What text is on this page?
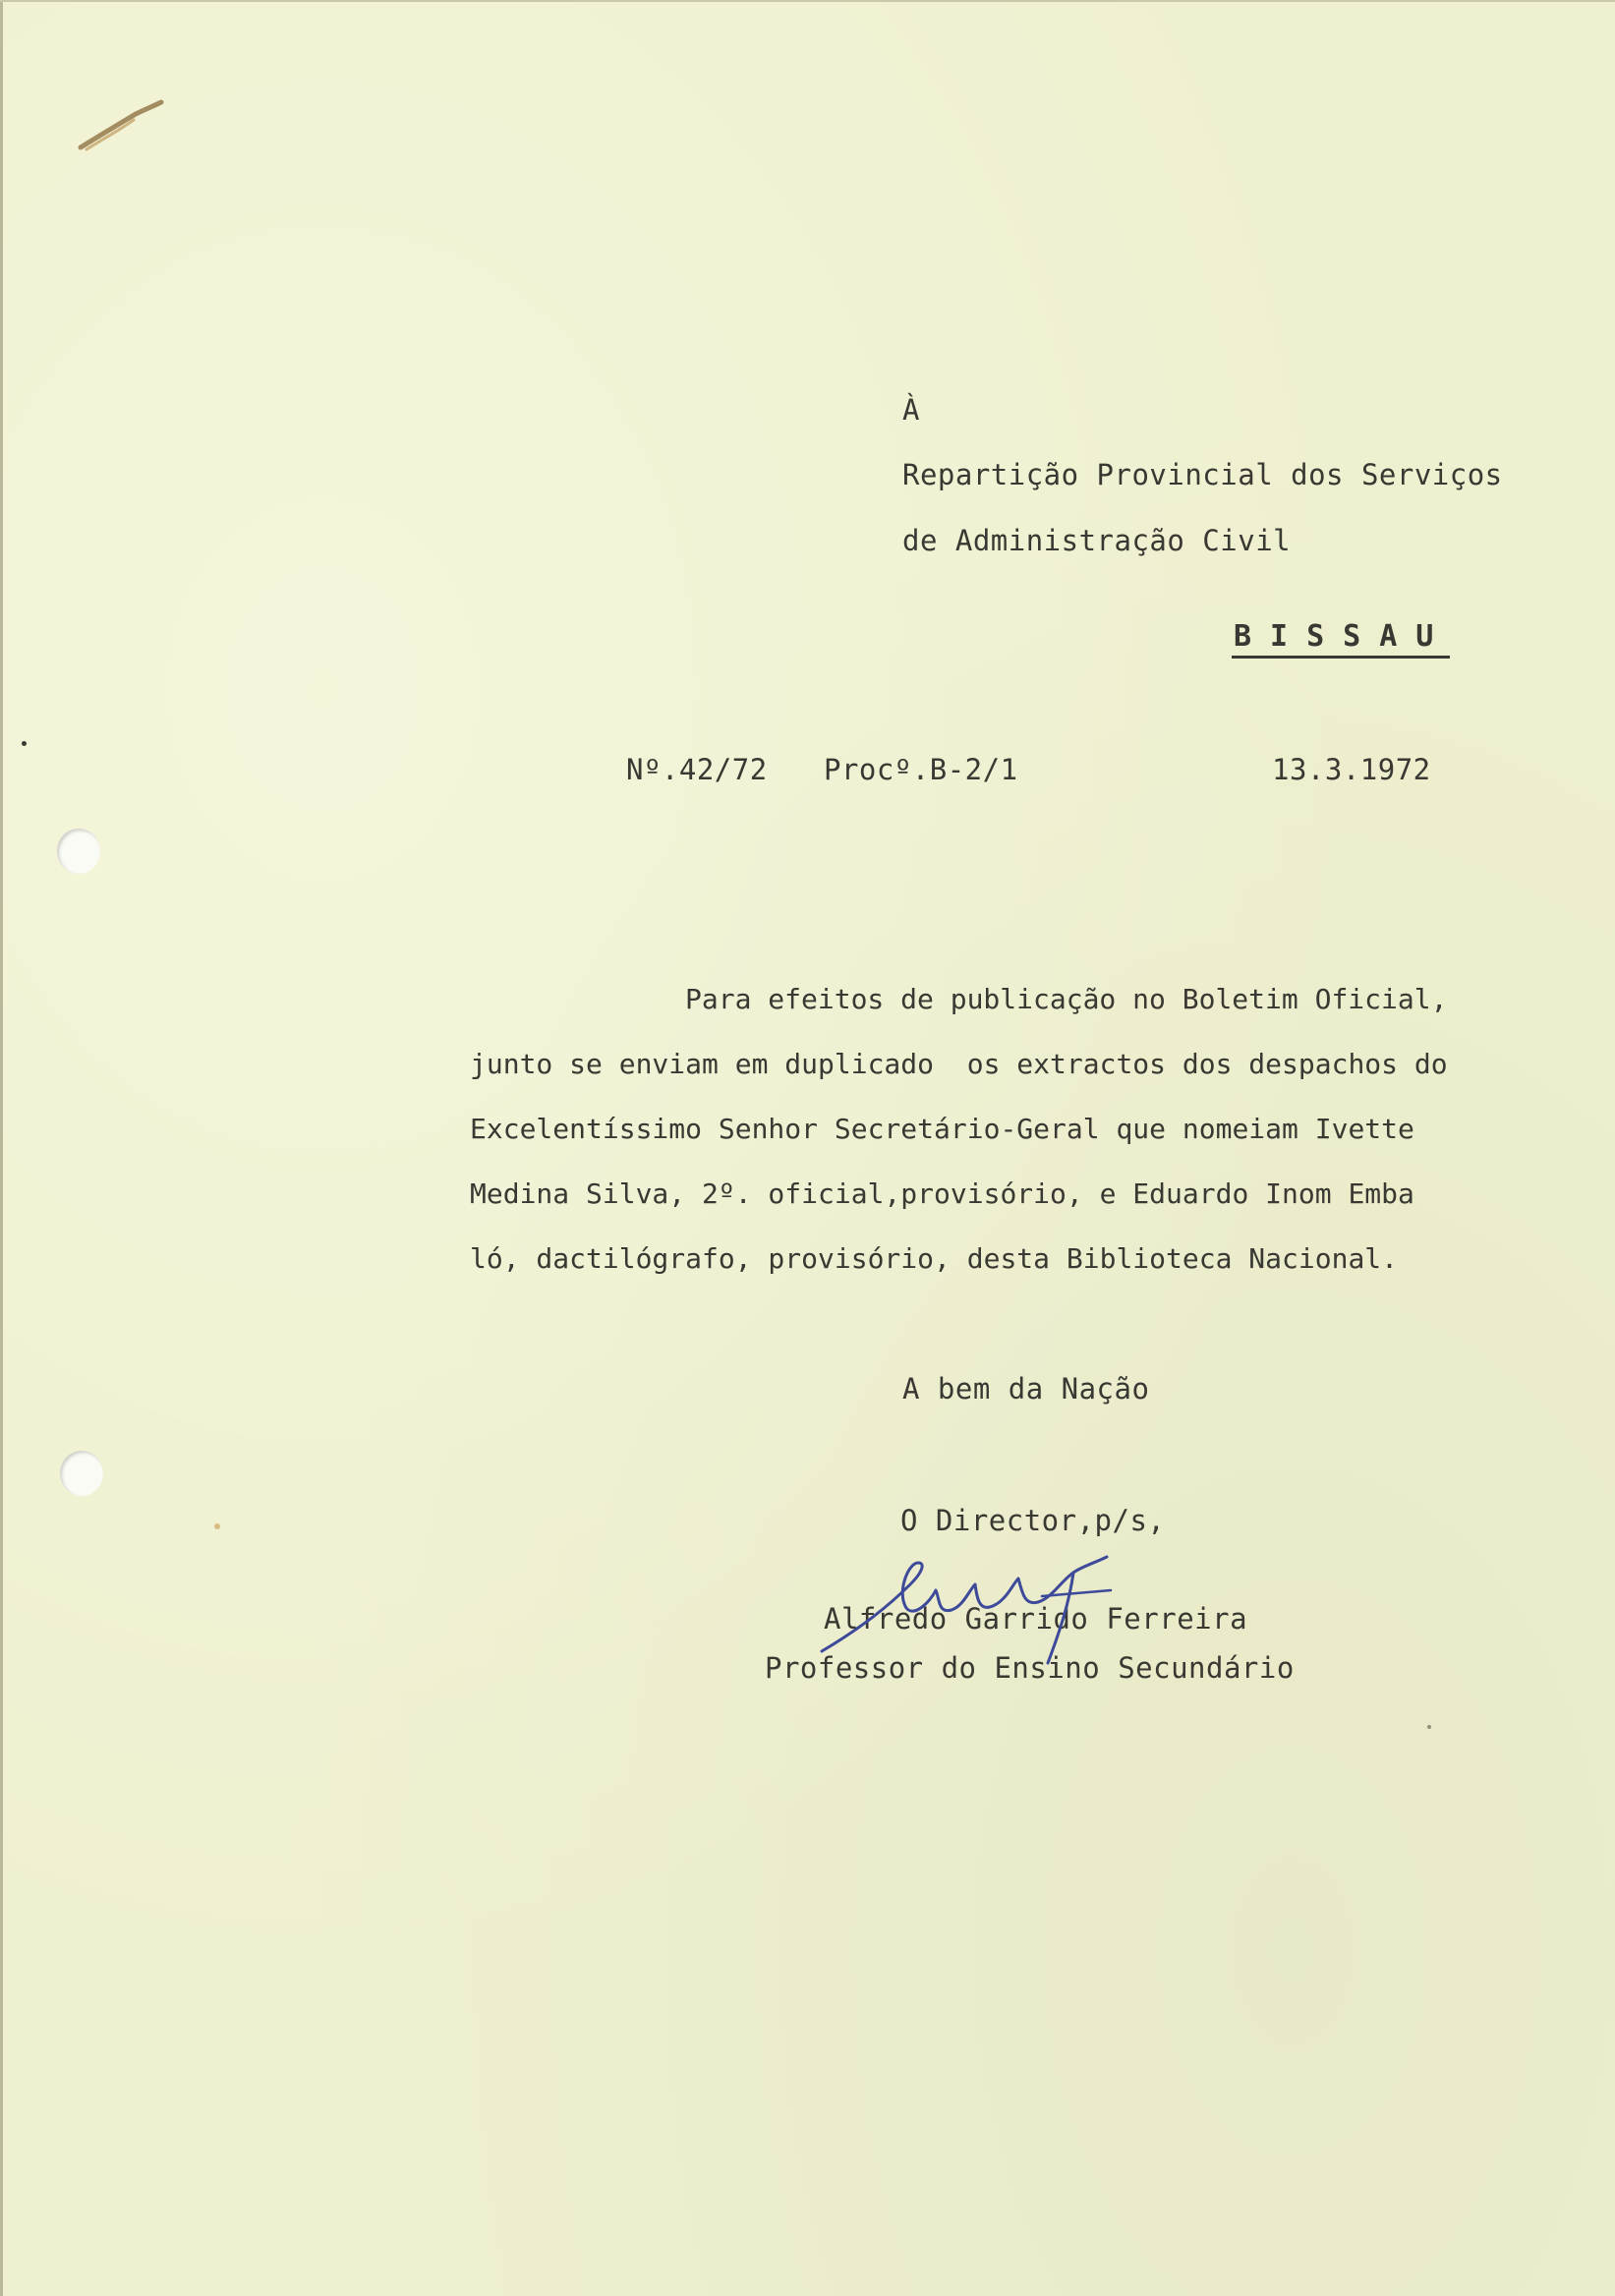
À

Repartição Provincial dos Serviços

de Administração Civil

BISSAU

Nº.42/72 Procº.B-2/1	13.3.1972

Para efeitos de publicação no Boletim Oficial,

junto se enviam em duplicado  os extractos dos despachos do

Excelentíssimo Senhor Secretário-Geral que nomeiam Ivette

Medina Silva, 2º. oficial,provisório, e Eduardo Inom Emba

ló, dactilógrafo, provisório, desta Biblioteca Nacional.

A bem da Nação

O Director,p/s,

Alfredo Garrido Ferreira

Professor do Ensino Secundário
